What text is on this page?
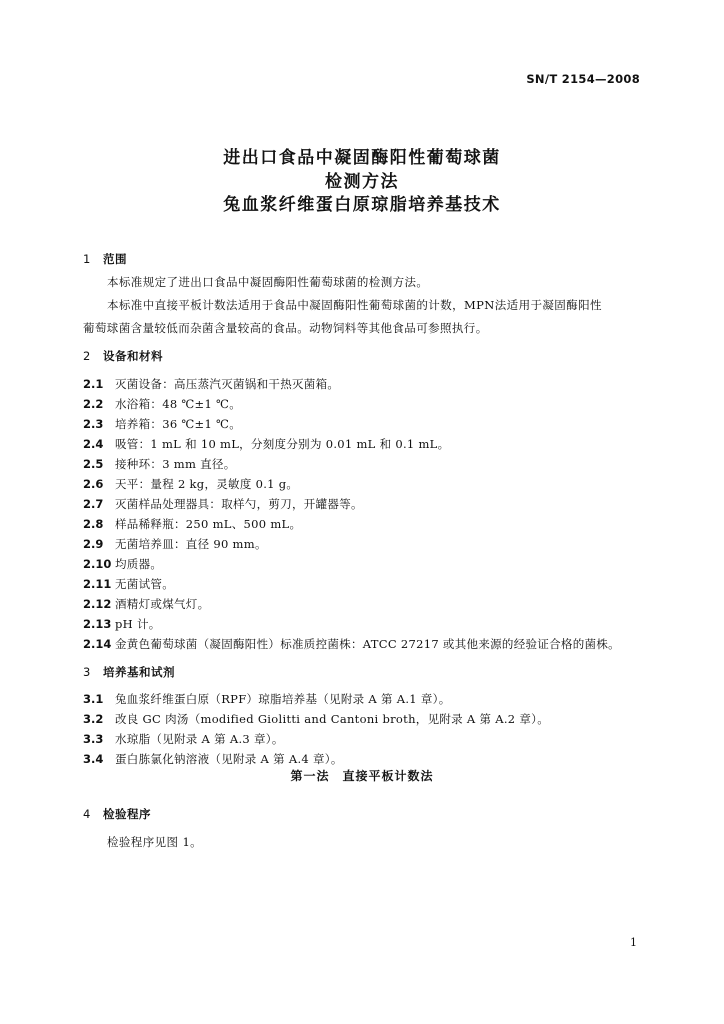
SN/T 2154—2008
进出口食品中凝固酶阳性葡萄球菌
检测方法
兔血浆纤维蛋白原琼脂培养基技术
1 范围
本标准规定了进出口食品中凝固酶阳性葡萄球菌的检测方法。
本标准中直接平板计数法适用于食品中凝固酶阳性葡萄球菌的计数，MPN法适用于凝固酶阳性
葡萄球菌含量较低而杂菌含量较高的食品。动物饲料等其他食品可参照执行。
2 设备和材料
2.1 灭菌设备：高压蒸汽灭菌锅和干热灭菌箱。
2.2 水浴箱：48 ℃±1 ℃。
2.3 培养箱：36 ℃±1 ℃。
2.4 吸管：1 mL 和 10 mL，分刻度分别为 0.01 mL 和 0.1 mL。
2.5 接种环：3 mm 直径。
2.6 天平：量程 2 kg，灵敏度 0.1 g。
2.7 灭菌样品处理器具：取样勺，剪刀，开罐器等。
2.8 样品稀释瓶：250 mL、500 mL。
2.9 无菌培养皿：直径 90 mm。
2.10 均质器。
2.11 无菌试管。
2.12 酒精灯或煤气灯。
2.13 pH 计。
2.14 金黄色葡萄球菌（凝固酶阳性）标准质控菌株：ATCC 27217 或其他来源的经验证合格的菌株。
3 培养基和试剂
3.1 兔血浆纤维蛋白原（RPF）琼脂培养基（见附录 A 第 A.1 章）。
3.2 改良 GC 肉汤（modified Giolitti and Cantoni broth，见附录 A 第 A.2 章）。
3.3 水琼脂（见附录 A 第 A.3 章）。
3.4 蛋白胨氯化钠溶液（见附录 A 第 A.4 章）。
第一法　直接平板计数法
4 检验程序
检验程序见图 1。
1
